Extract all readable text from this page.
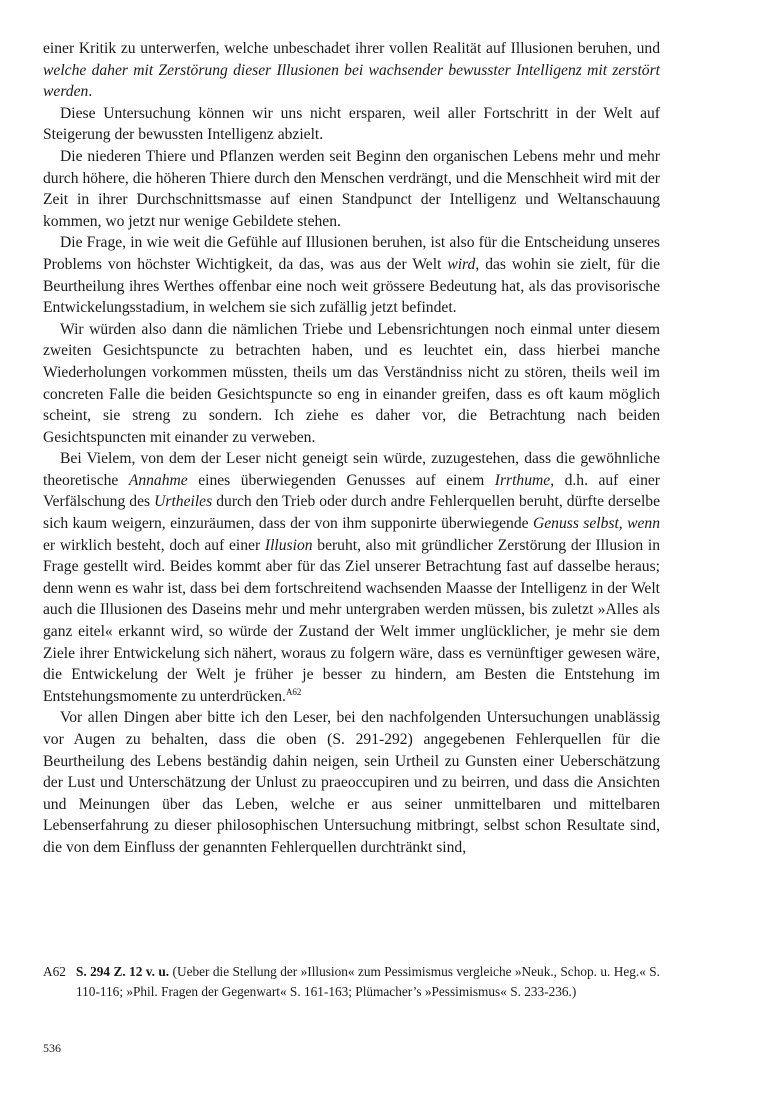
einer Kritik zu unterwerfen, welche unbeschadet ihrer vollen Realität auf Illusionen beruhen, und welche daher mit Zerstörung dieser Illusionen bei wachsender bewusster Intelligenz mit zerstört werden.

Diese Untersuchung können wir uns nicht ersparen, weil aller Fortschritt in der Welt auf Steigerung der bewussten Intelligenz abzielt.

Die niederen Thiere und Pflanzen werden seit Beginn den organischen Lebens mehr und mehr durch höhere, die höheren Thiere durch den Menschen verdrängt, und die Menschheit wird mit der Zeit in ihrer Durchschnittsmasse auf einen Standpunct der Intelligenz und Weltanschauung kommen, wo jetzt nur wenige Gebildete stehen.

Die Frage, in wie weit die Gefühle auf Illusionen beruhen, ist also für die Entscheidung unseres Problems von höchster Wichtigkeit, da das, was aus der Welt wird, das wohin sie zielt, für die Beurtheilung ihres Werthes offenbar eine noch weit grössere Bedeutung hat, als das provisorische Entwickelungsstadium, in welchem sie sich zufällig jetzt befindet.

Wir würden also dann die nämlichen Triebe und Lebensrichtungen noch einmal unter diesem zweiten Gesichtspuncte zu betrachten haben, und es leuchtet ein, dass hierbei manche Wiederholungen vorkommen müssten, theils um das Verständniss nicht zu stören, theils weil im concreten Falle die beiden Gesichtspuncte so eng in einander greifen, dass es oft kaum möglich scheint, sie streng zu sondern. Ich ziehe es daher vor, die Betrachtung nach beiden Gesichtspuncten mit einander zu verweben.

Bei Vielem, von dem der Leser nicht geneigt sein würde, zuzugestehen, dass die gewöhnliche theoretische Annahme eines überwiegenden Genusses auf einem Irrthume, d.h. auf einer Verfälschung des Urtheiles durch den Trieb oder durch andre Fehlerquellen beruht, dürfte derselbe sich kaum weigern, einzuräumen, dass der von ihm supponirte überwiegende Genuss selbst, wenn er wirklich besteht, doch auf einer Illusion beruht, also mit gründlicher Zerstörung der Illusion in Frage gestellt wird. Beides kommt aber für das Ziel unserer Betrachtung fast auf dasselbe heraus; denn wenn es wahr ist, dass bei dem fortschreitend wachsenden Maasse der Intelligenz in der Welt auch die Illusionen des Daseins mehr und mehr untergraben werden müssen, bis zuletzt »Alles als ganz eitel« erkannt wird, so würde der Zustand der Welt immer unglücklicher, je mehr sie dem Ziele ihrer Entwickelung sich nähert, woraus zu folgern wäre, dass es vernünftiger gewesen wäre, die Entwickelung der Welt je früher je besser zu hindern, am Besten die Entstehung im Entstehungsmomente zu unterdrücken.$^{A62}$

Vor allen Dingen aber bitte ich den Leser, bei den nachfolgenden Untersuchungen unablässig vor Augen zu behalten, dass die oben (S. 291-292) angegebenen Fehlerquellen für die Beurtheilung des Lebens beständig dahin neigen, sein Urtheil zu Gunsten einer Ueberschätzung der Lust und Unterschätzung der Unlust zu praeoccupiren und zu beirren, und dass die Ansichten und Meinungen über das Leben, welche er aus seiner unmittelbaren und mittelbaren Lebenserfahrung zu dieser philosophischen Untersuchung mitbringt, selbst schon Resultate sind, die von dem Einfluss der genannten Fehlerquellen durchtränkt sind,

A62 S. 294 Z. 12 v. u. (Ueber die Stellung der »Illusion« zum Pessimismus vergleiche »Neuk., Schop. u. Heg.« S. 110-116; »Phil. Fragen der Gegenwart« S. 161-163; Plümacher’s »Pessimismus« S. 233-236.)
536
